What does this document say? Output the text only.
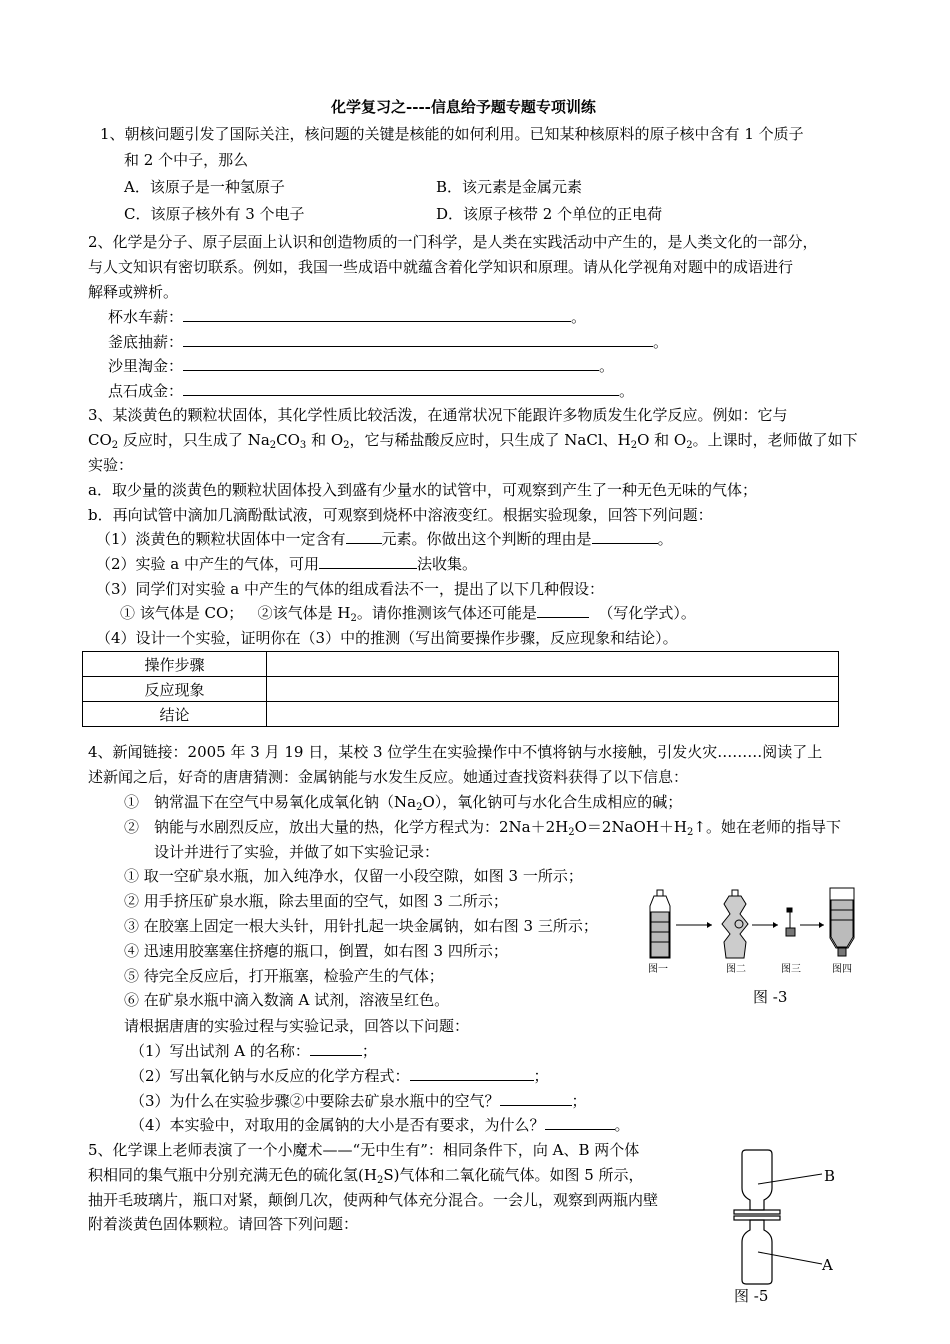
化学复习之----信息给予题专题专项训练
1、朝核问题引发了国际关注，核问题的关键是核能的如何利用。已知某种核原料的原子核中含有 1 个质子
和 2 个中子，那么
A．该原子是一种氢原子	B．该元素是金属元素
C．该原子核外有 3 个电子	D．该原子核带 2 个单位的正电荷
2、化学是分子、原子层面上认识和创造物质的一门科学，是人类在实践活动中产生的，是人类文化的一部分，
与人文知识有密切联系。例如，我国一些成语中就蕴含着化学知识和原理。请从化学视角对题中的成语进行
解释或辨析。
杯水车薪：	。
釜底抽薪：	。
沙里淘金：	。
点石成金：	。
3、某淡黄色的颗粒状固体，其化学性质比较活泼，在通常状况下能跟许多物质发生化学反应。例如：它与
$CO_2$ 反应时，只生成了 $Na_2CO_3$ 和 $O_2$，它与稀盐酸反应时，只生成了 NaCl、$H_2O$ 和 $O_2$。上课时，老师做了如下
实验：
a．取少量的淡黄色的颗粒状固体投入到盛有少量水的试管中，可观察到产生了一种无色无味的气体；
b．再向试管中滴加几滴酚酞试液，可观察到烧杯中溶液变红。根据实验现象，回答下列问题：
（1）淡黄色的颗粒状固体中一定含有 元素。你做出这个判断的理由是	。
（2）实验 a 中产生的气体，可用	法收集。
（3）同学们对实验 a 中产生的气体的组成看法不一，提出了以下几种假设：
① 该气体是 CO； ②该气体是 $H_2$。请你推测该气体还可能是	（写化学式）。
（4）设计一个实验，证明你在（3）中的推测（写出简要操作步骤，反应现象和结论）。
操作步骤	
反应现象	
结论	
4、新闻链接：2005 年 3 月 19 日，某校 3 位学生在实验操作中不慎将钠与水接触，引发火灾………阅读了上
述新闻之后，好奇的唐唐猜测：金属钠能与水发生反应。她通过查找资料获得了以下信息：
①　钠常温下在空气中易氧化成氧化钠$(Na_2O)$，氧化钠可与水化合生成相应的碱；
②　钠能与水剧烈反应，放出大量的热，化学方程式为：$2Na+2H_2O=2NaOH+H_2↑$。她在老师的指导下
设计并进行了实验，并做了如下实验记录：
① 取一空矿泉水瓶，加入纯净水，仅留一小段空隙，如图 3 一所示；
② 用手挤压矿泉水瓶，除去里面的空气，如图 3 二所示；
③ 在胶塞上固定一根大头针，用针扎起一块金属钠，如右图 3 三所示；
④ 迅速用胶塞塞住挤瘪的瓶口，倒置，如右图 3 四所示；
⑤ 待完全反应后，打开瓶塞，检验产生的气体；
⑥ 在矿泉水瓶中滴入数滴 A 试剂，溶液呈红色。
图一	图二	图三	图四
图 -3
请根据唐唐的实验过程与实验记录，回答以下问题：
（1）写出试剂 A 的名称：	；
（2）写出氧化钠与水反应的化学方程式：	；
（3）为什么在实验步骤②中要除去矿泉水瓶中的空气？	；
（4）本实验中，对取用的金属钠的大小是否有要求，为什么？	。
5、化学课上老师表演了一个小魔术——“无中生有”：相同条件下，向 A、B 两个体
积相同的集气瓶中分别充满无色的硫化氢$(H_2S)$气体和二氧化硫气体。如图 5 所示，
抽开毛玻璃片，瓶口对紧，颠倒几次，使两种气体充分混合。一会儿，观察到两瓶内壁
附着淡黄色固体颗粒。请回答下列问题：
B
A
图 -5
